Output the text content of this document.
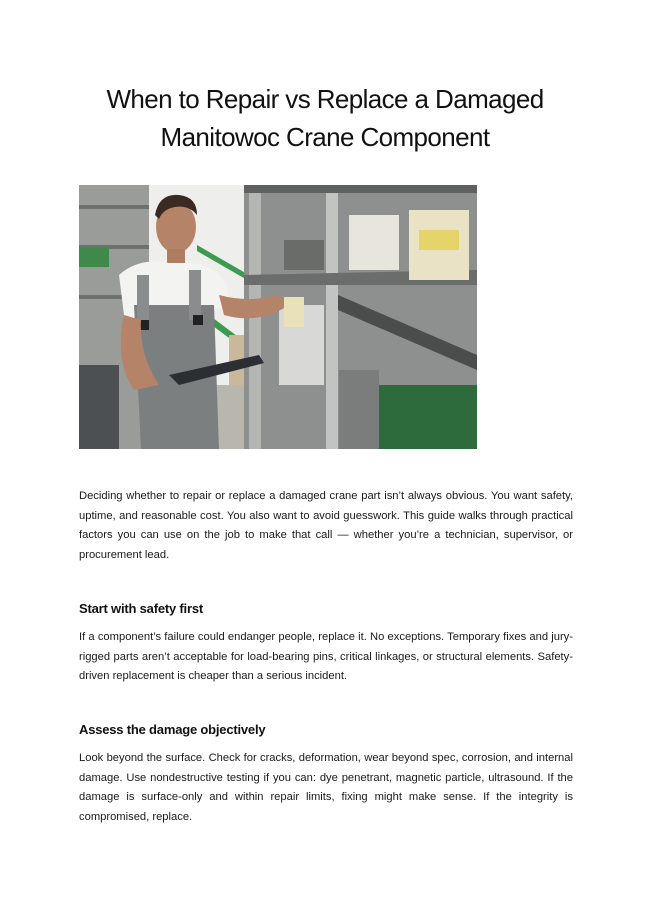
When to Repair vs Replace a Damaged Manitowoc Crane Component

Deciding whether to repair or replace a damaged crane part isn’t always obvious. You want safety, uptime, and reasonable cost. You also want to avoid guesswork. This guide walks through practical factors you can use on the job to make that call — whether you’re a technician, supervisor, or procurement lead.

Start with safety first

If a component’s failure could endanger people, replace it. No exceptions. Temporary fixes and jury-rigged parts aren’t acceptable for load-bearing pins, critical linkages, or structural elements. Safety-driven replacement is cheaper than a serious incident.

Assess the damage objectively

Look beyond the surface. Check for cracks, deformation, wear beyond spec, corrosion, and internal damage. Use nondestructive testing if you can: dye penetrant, magnetic particle, ultrasound. If the damage is surface-only and within repair limits, fixing might make sense. If the integrity is compromised, replace.
